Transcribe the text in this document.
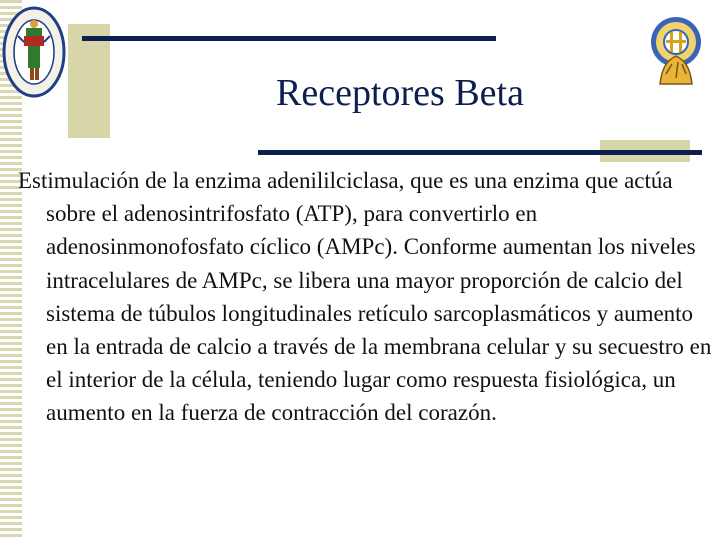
Receptores Beta

Estimulación de la enzima adenililciclasa, que es una enzima que actúa sobre el adenosintrifosfato (ATP), para convertirlo en adenosinmonofosfato cíclico (AMPc). Conforme aumentan los niveles intracelulares de AMPc, se libera una mayor proporción de calcio del sistema de túbulos longitudinales retículo sarcoplasmáticos y aumento en la entrada de calcio a través de la membrana celular y su secuestro en el interior de la célula, teniendo lugar como respuesta fisiológica, un aumento en la fuerza de contracción del corazón.
